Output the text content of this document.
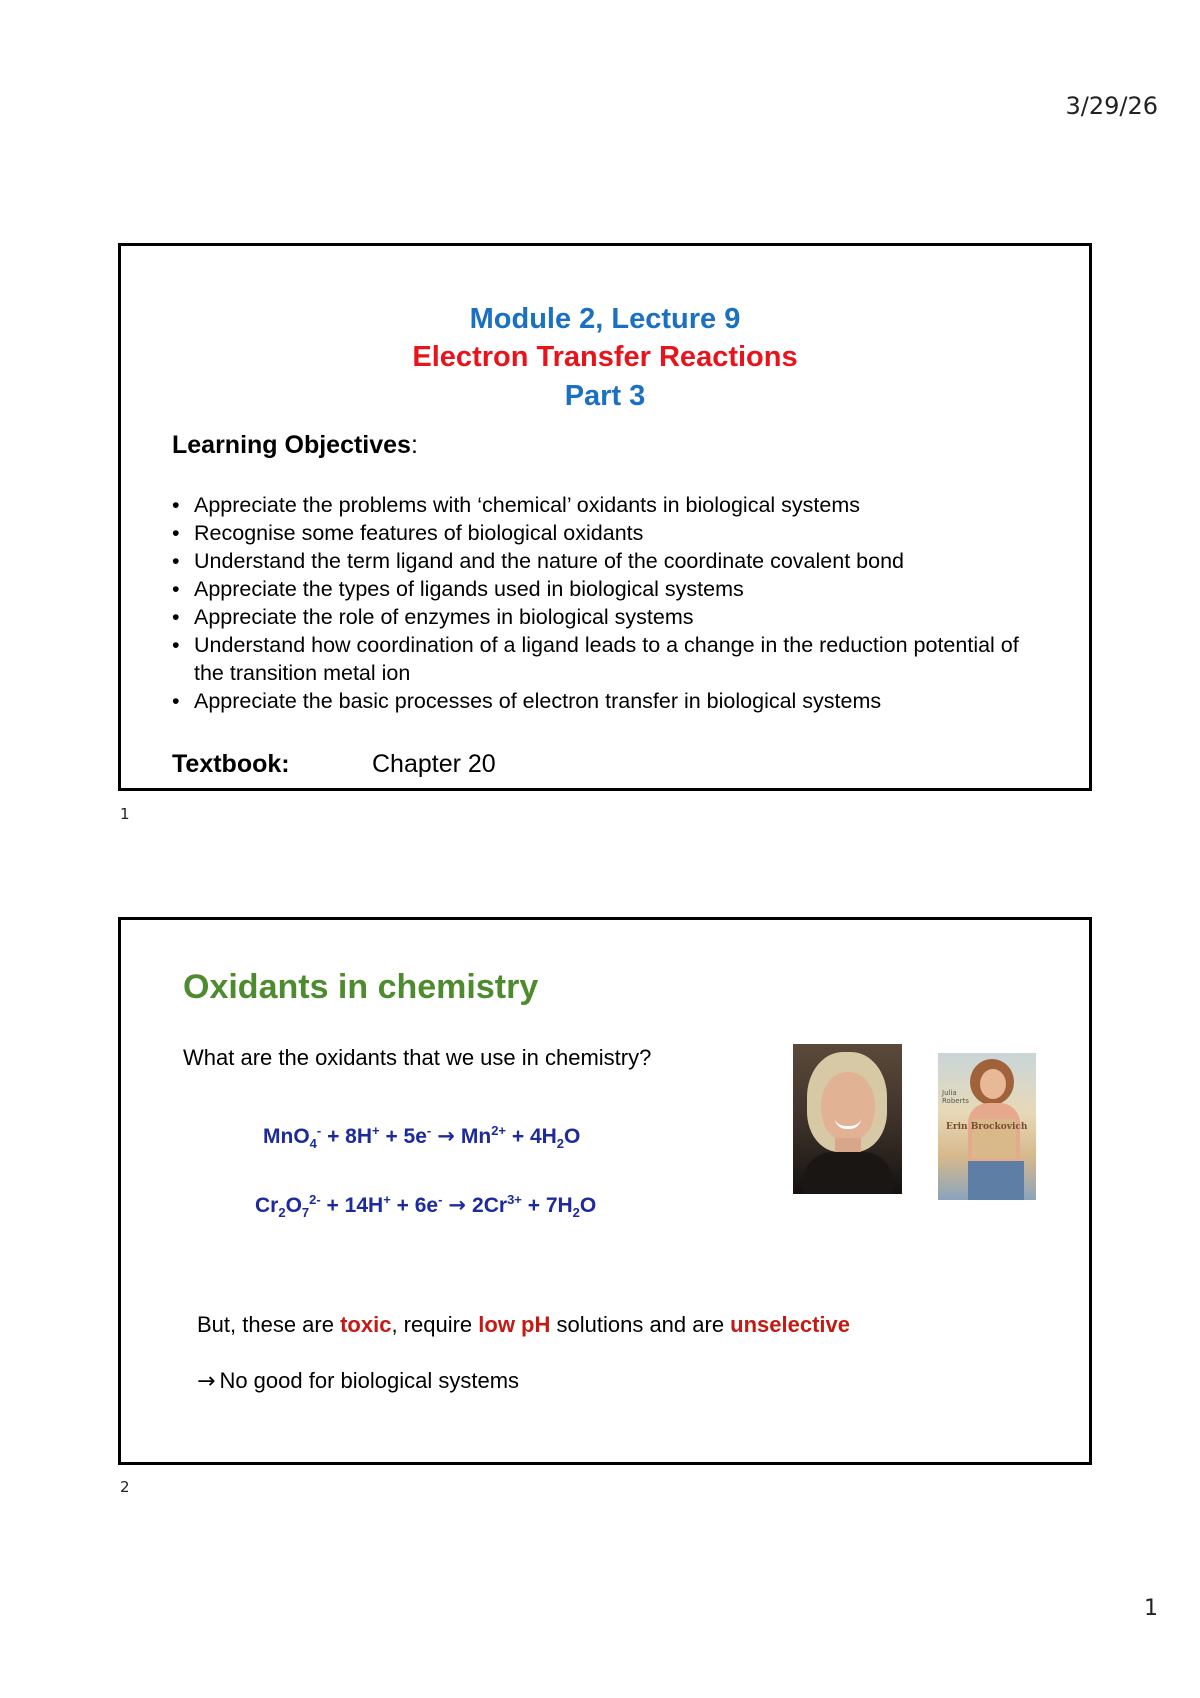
3/29/26
Module 2, Lecture 9
Electron Transfer Reactions
Part 3
Learning Objectives:
• Appreciate the problems with ‘chemical’ oxidants in biological systems
• Recognise some features of biological oxidants
• Understand the term ligand and the nature of the coordinate covalent bond
• Appreciate the types of ligands used in biological systems
• Appreciate the role of enzymes in biological systems
• Understand how coordination of a ligand leads to a change in the reduction potential of the transition metal ion
• Appreciate the basic processes of electron transfer in biological systems
Textbook:	Chapter 20
1
Oxidants in chemistry
What are the oxidants that we use in chemistry?
$MnO_4^- + 8H^+ + 5e^- \to Mn^{2+} + 4H_2O$
$Cr_2O_7^{2-} + 14H^+ + 6e^- \to 2Cr^{3+} + 7H_2O$
Julia Roberts
Erin Brockovich
But, these are toxic, require low pH solutions and are unselective
→ No good for biological systems
2
1
